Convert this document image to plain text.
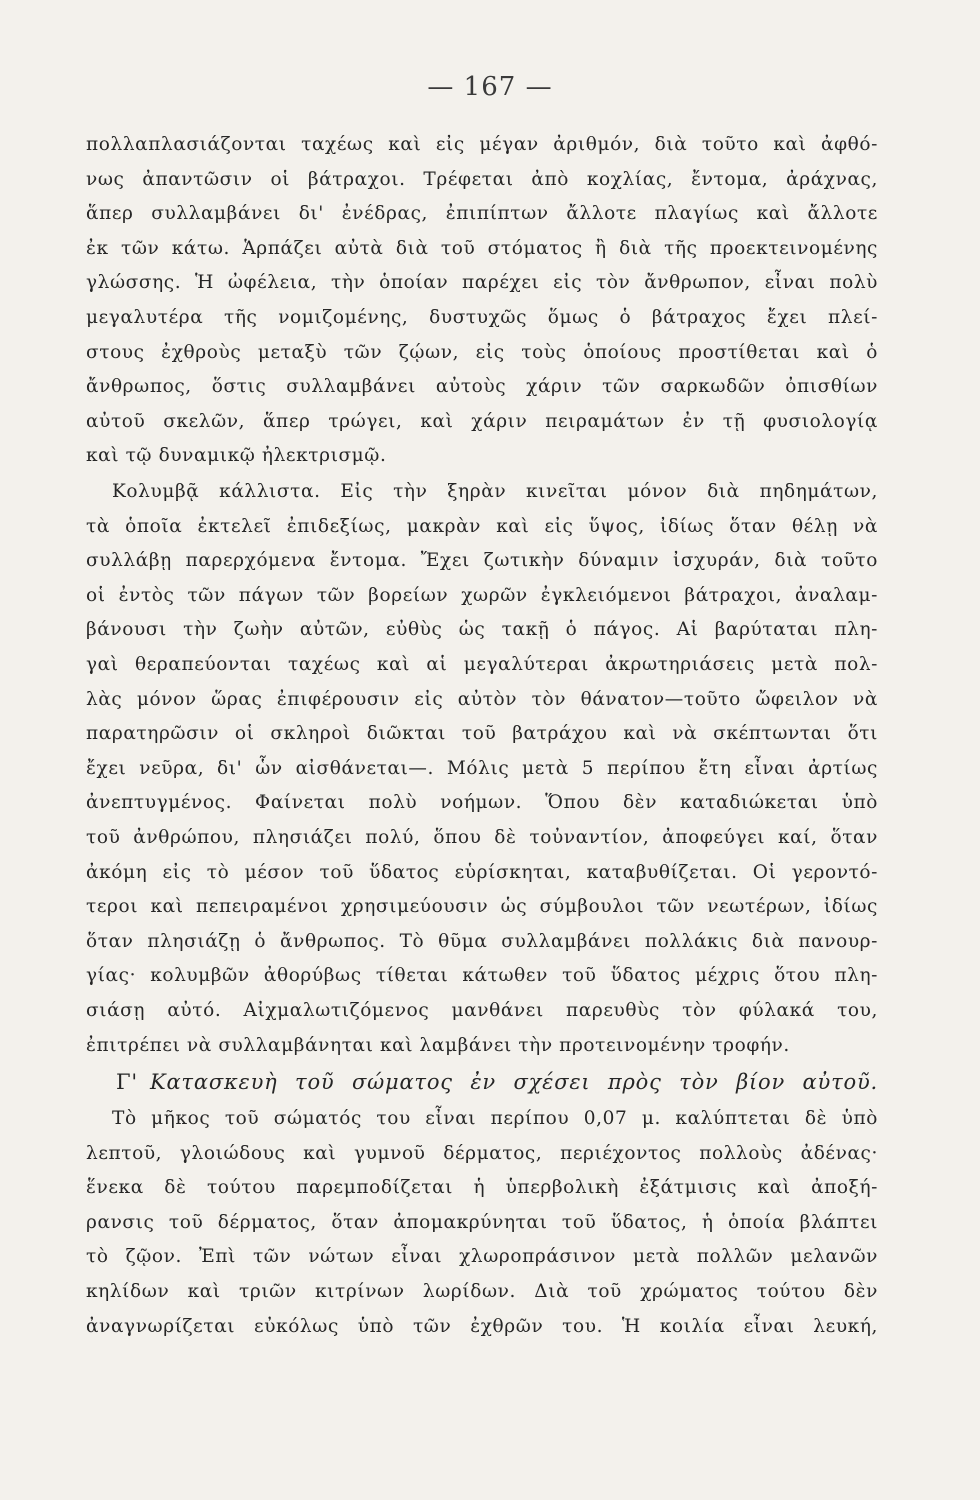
— 167 —
πολλαπλασιάζονται ταχέως καὶ εἰς μέγαν ἀριθμόν, διὰ τοῦτο καὶ ἀφθό-
νως ἀπαντῶσιν οἱ βάτραχοι. Τρέφεται ἀπὸ κοχλίας, ἔντομα, ἀράχνας,
ἅπερ συλλαμβάνει δι' ἐνέδρας, ἐπιπίπτων ἄλλοτε πλαγίως καὶ ἄλλοτε
ἐκ τῶν κάτω. Ἁρπάζει αὐτὰ διὰ τοῦ στόματος ἢ διὰ τῆς προεκτεινομένης
γλώσσης. Ἡ ὠφέλεια, τὴν ὁποίαν παρέχει εἰς τὸν ἄνθρωπον, εἶναι πολὺ
μεγαλυτέρα τῆς νομιζομένης, δυστυχῶς ὅμως ὁ βάτραχος ἔχει πλεί-
στους ἐχθροὺς μεταξὺ τῶν ζῴων, εἰς τοὺς ὁποίους προστίθεται καὶ ὁ
ἄνθρωπος, ὅστις συλλαμβάνει αὐτοὺς χάριν τῶν σαρκωδῶν ὀπισθίων
αὐτοῦ σκελῶν, ἅπερ τρώγει, καὶ χάριν πειραμάτων ἐν τῇ φυσιολογίᾳ
καὶ τῷ δυναμικῷ ἠλεκτρισμῷ.
Κολυμβᾷ κάλλιστα. Εἰς τὴν ξηρὰν κινεῖται μόνον διὰ πηδημάτων,
τὰ ὁποῖα ἐκτελεῖ ἐπιδεξίως, μακρὰν καὶ εἰς ὕψος, ἰδίως ὅταν θέλῃ νὰ
συλλάβῃ παρερχόμενα ἔντομα. Ἔχει ζωτικὴν δύναμιν ἰσχυράν, διὰ τοῦτο
οἱ ἐντὸς τῶν πάγων τῶν βορείων χωρῶν ἐγκλειόμενοι βάτραχοι, ἀναλαμ-
βάνουσι τὴν ζωὴν αὐτῶν, εὐθὺς ὡς τακῇ ὁ πάγος. Αἱ βαρύταται πλη-
γαὶ θεραπεύονται ταχέως καὶ αἱ μεγαλύτεραι ἀκρωτηριάσεις μετὰ πολ-
λὰς μόνον ὥρας ἐπιφέρουσιν εἰς αὐτὸν τὸν θάνατον—τοῦτο ὤφειλον νὰ
παρατηρῶσιν οἱ σκληροὶ διῶκται τοῦ βατράχου καὶ νὰ σκέπτωνται ὅτι
ἔχει νεῦρα, δι' ὧν αἰσθάνεται—. Μόλις μετὰ 5 περίπου ἔτη εἶναι ἀρτίως
ἀνεπτυγμένος. Φαίνεται πολὺ νοήμων. Ὅπου δὲν καταδιώκεται ὑπὸ
τοῦ ἀνθρώπου, πλησιάζει πολύ, ὅπου δὲ τοὐναντίον, ἀποφεύγει καί, ὅταν
ἀκόμη εἰς τὸ μέσον τοῦ ὕδατος εὑρίσκηται, καταβυθίζεται. Οἱ γεροντό-
τεροι καὶ πεπειραμένοι χρησιμεύουσιν ὡς σύμβουλοι τῶν νεωτέρων, ἰδίως
ὅταν πλησιάζῃ ὁ ἄνθρωπος. Τὸ θῦμα συλλαμβάνει πολλάκις διὰ πανουρ-
γίας· κολυμβῶν ἀθορύβως τίθεται κάτωθεν τοῦ ὕδατος μέχρις ὅτου πλη-
σιάσῃ αὐτό. Αἰχμαλωτιζόμενος μανθάνει παρευθὺς τὸν φύλακά του,
ἐπιτρέπει νὰ συλλαμβάνηται καὶ λαμβάνει τὴν προτεινομένην τροφήν.
Γ' Κατασκευὴ τοῦ σώματος ἐν σχέσει πρὸς τὸν βίον αὐτοῦ.
Τὸ μῆκος τοῦ σώματός του εἶναι περίπου 0,07 μ. καλύπτεται δὲ ὑπὸ
λεπτοῦ, γλοιώδους καὶ γυμνοῦ δέρματος, περιέχοντος πολλοὺς ἀδένας·
ἕνεκα δὲ τούτου παρεμποδίζεται ἡ ὑπερβολικὴ ἐξάτμισις καὶ ἀποξή-
ρανσις τοῦ δέρματος, ὅταν ἀπομακρύνηται τοῦ ὕδατος, ἡ ὁποία βλάπτει
τὸ ζῷον. Ἐπὶ τῶν νώτων εἶναι χλωροπράσινον μετὰ πολλῶν μελανῶν
κηλίδων καὶ τριῶν κιτρίνων λωρίδων. Διὰ τοῦ χρώματος τούτου δὲν
ἀναγνωρίζεται εὐκόλως ὑπὸ τῶν ἐχθρῶν του. Ἡ κοιλία εἶναι λευκή,
